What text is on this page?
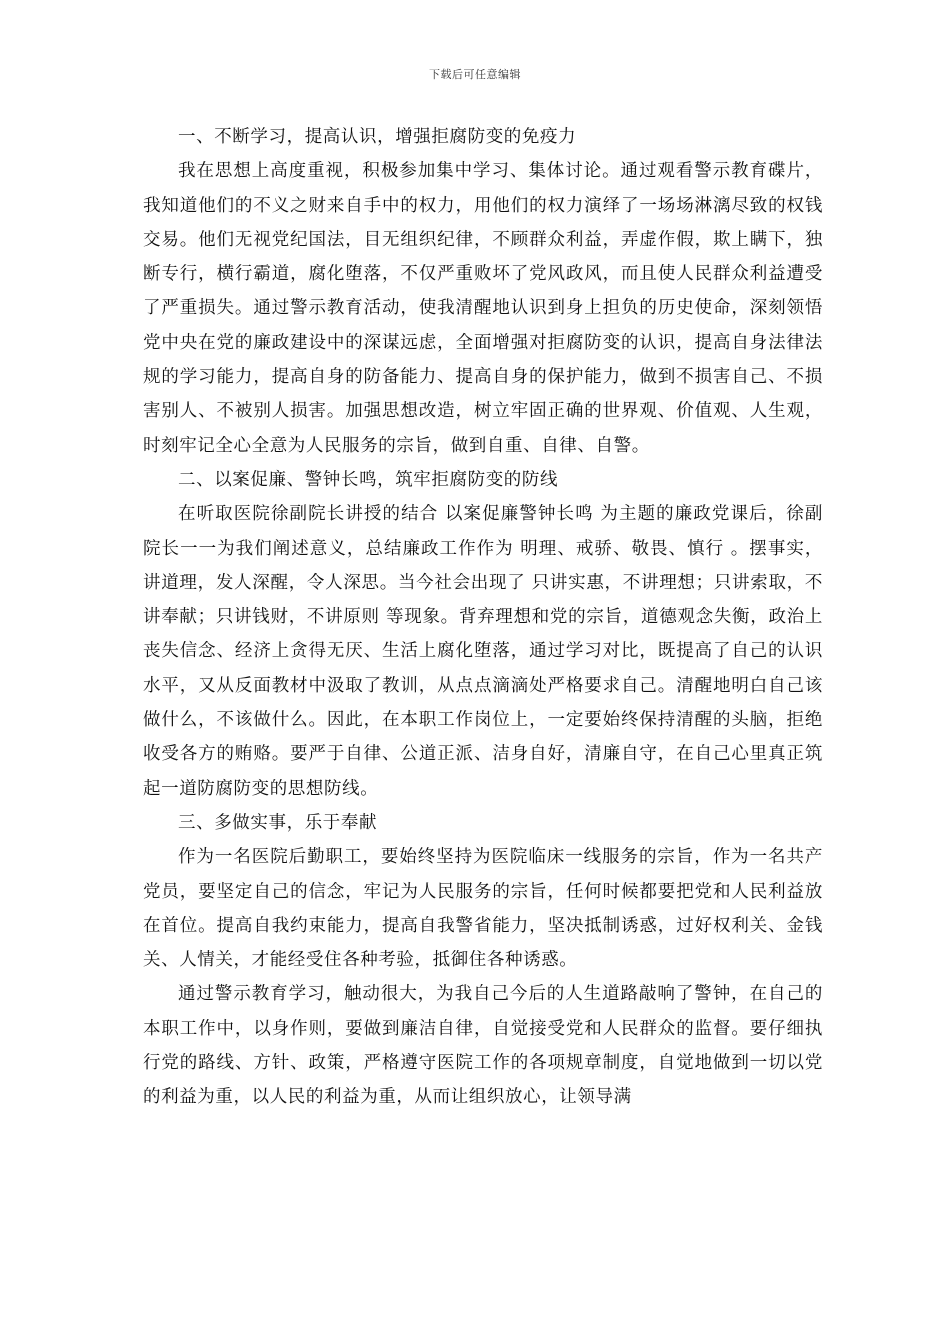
下载后可任意编辑

一、不断学习，提高认识，增强拒腐防变的免疫力

我在思想上高度重视，积极参加集中学习、集体讨论。通过观看警示教育碟片，我知道他们的不义之财来自手中的权力，用他们的权力演绎了一场场淋漓尽致的权钱交易。他们无视党纪国法，目无组织纪律，不顾群众利益，弄虚作假，欺上瞒下，独断专行，横行霸道，腐化堕落，不仅严重败坏了党风政风，而且使人民群众利益遭受了严重损失。通过警示教育活动，使我清醒地认识到身上担负的历史使命，深刻领悟党中央在党的廉政建设中的深谋远虑，全面增强对拒腐防变的认识，提高自身法律法规的学习能力，提高自身的防备能力、提高自身的保护能力，做到不损害自己、不损害别人、不被别人损害。加强思想改造，树立牢固正确的世界观、价值观、人生观，时刻牢记全心全意为人民服务的宗旨，做到自重、自律、自警。

二、以案促廉、警钟长鸣，筑牢拒腐防变的防线

在听取医院徐副院长讲授的结合 以案促廉警钟长鸣 为主题的廉政党课后，徐副院长一一为我们阐述意义，总结廉政工作作为 明理、戒骄、敬畏、慎行 。摆事实，讲道理，发人深醒，令人深思。当今社会出现了 只讲实惠，不讲理想；只讲索取，不讲奉献；只讲钱财，不讲原则 等现象。背弃理想和党的宗旨，道德观念失衡，政治上丧失信念、经济上贪得无厌、生活上腐化堕落，通过学习对比，既提高了自己的认识水平，又从反面教材中汲取了教训，从点点滴滴处严格要求自己。清醒地明白自己该做什么，不该做什么。因此，在本职工作岗位上，一定要始终保持清醒的头脑，拒绝收受各方的贿赂。要严于自律、公道正派、洁身自好，清廉自守，在自己心里真正筑起一道防腐防变的思想防线。

三、多做实事，乐于奉献

作为一名医院后勤职工，要始终坚持为医院临床一线服务的宗旨，作为一名共产党员，要坚定自己的信念，牢记为人民服务的宗旨，任何时候都要把党和人民利益放在首位。提高自我约束能力，提高自我警省能力，坚决抵制诱惑，过好权利关、金钱关、人情关，才能经受住各种考验，抵御住各种诱惑。

通过警示教育学习，触动很大，为我自己今后的人生道路敲响了警钟，在自己的本职工作中，以身作则，要做到廉洁自律，自觉接受党和人民群众的监督。要仔细执行党的路线、方针、政策，严格遵守医院工作的各项规章制度，自觉地做到一切以党的利益为重，以人民的利益为重，从而让组织放心，让领导满
